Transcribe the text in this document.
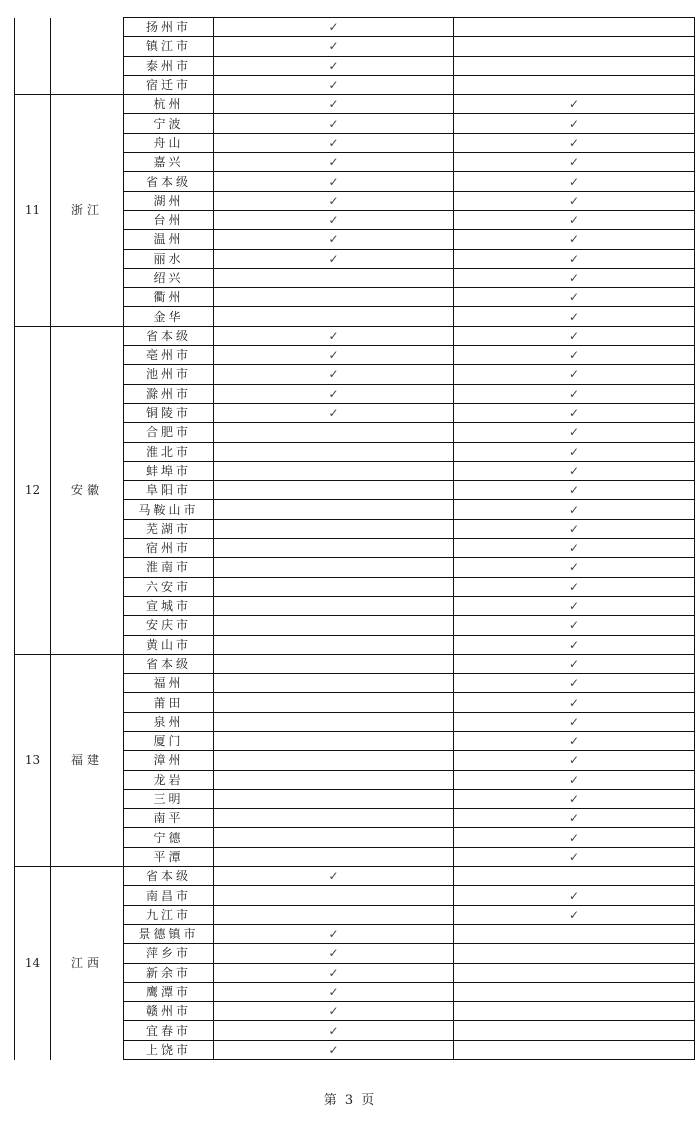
		扬州市	✓	
		镇江市	✓	
		泰州市	✓	
		宿迁市	✓	
11	浙江	杭州	✓	✓
		宁波	✓	✓
		舟山	✓	✓
		嘉兴	✓	✓
		省本级	✓	✓
		湖州	✓	✓
		台州	✓	✓
		温州	✓	✓
		丽水	✓	✓
		绍兴		✓
		衢州		✓
		金华		✓
12	安徽	省本级	✓	✓
		亳州市	✓	✓
		池州市	✓	✓
		滁州市	✓	✓
		铜陵市	✓	✓
		合肥市		✓
		淮北市		✓
		蚌埠市		✓
		阜阳市		✓
		马鞍山市		✓
		芜湖市		✓
		宿州市		✓
		淮南市		✓
		六安市		✓
		宣城市		✓
		安庆市		✓
		黄山市		✓
13	福建	省本级		✓
		福州		✓
		莆田		✓
		泉州		✓
		厦门		✓
		漳州		✓
		龙岩		✓
		三明		✓
		南平		✓
		宁德		✓
		平潭		✓
14	江西	省本级	✓	
		南昌市		✓
		九江市		✓
		景德镇市	✓	
		萍乡市	✓	
		新余市	✓	
		鹰潭市	✓	
		赣州市	✓	
		宜春市	✓	
		上饶市	✓	
第 3 页
